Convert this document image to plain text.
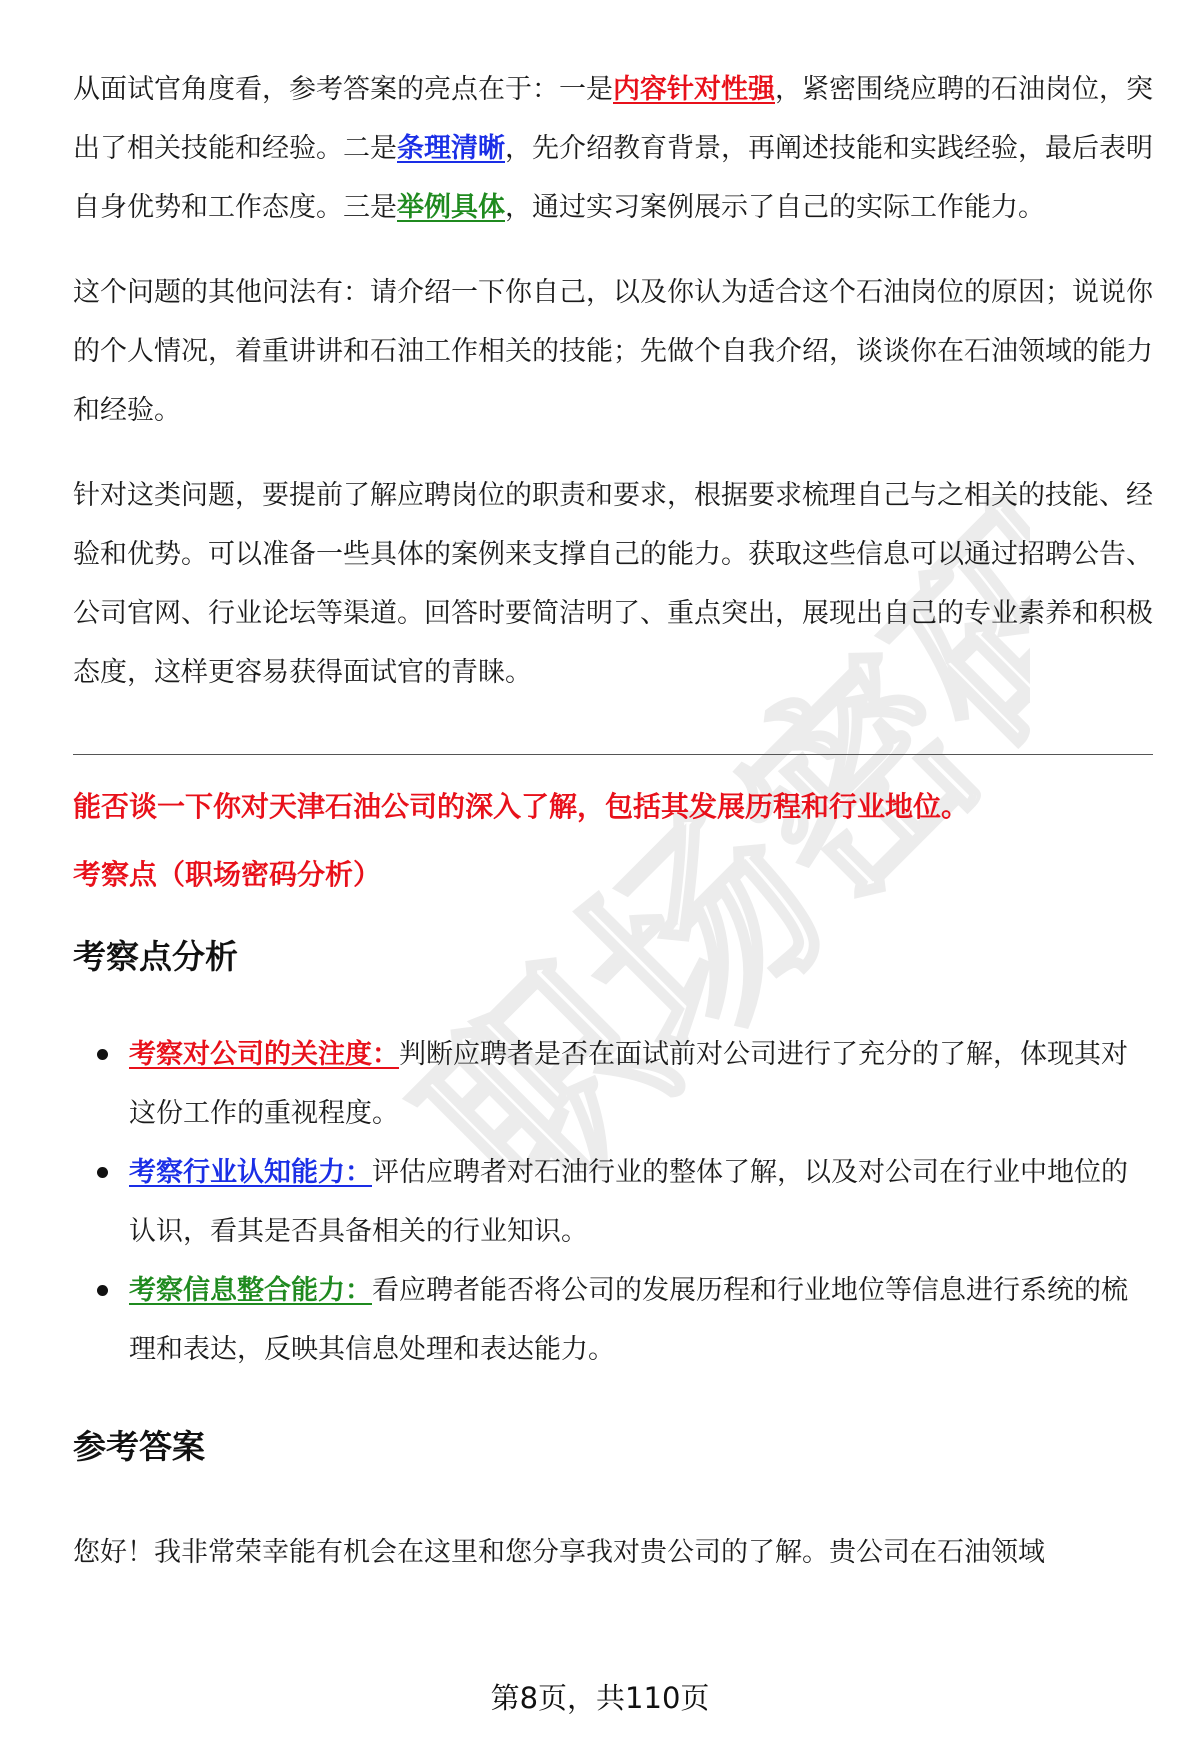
职场密码

从面试官角度看，参考答案的亮点在于：一是内容针对性强，紧密围绕应聘的石油岗位，突出了相关技能和经验。二是条理清晰，先介绍教育背景，再阐述技能和实践经验，最后表明自身优势和工作态度。三是举例具体，通过实习案例展示了自己的实际工作能力。

这个问题的其他问法有：请介绍一下你自己，以及你认为适合这个石油岗位的原因；说说你的个人情况，着重讲讲和石油工作相关的技能；先做个自我介绍，谈谈你在石油领域的能力和经验。

针对这类问题，要提前了解应聘岗位的职责和要求，根据要求梳理自己与之相关的技能、经验和优势。可以准备一些具体的案例来支撑自己的能力。获取这些信息可以通过招聘公告、公司官网、行业论坛等渠道。回答时要简洁明了、重点突出，展现出自己的专业素养和积极态度，这样更容易获得面试官的青睐。

能否谈一下你对天津石油公司的深入了解，包括其发展历程和行业地位。

考察点（职场密码分析）

考察点分析
考察对公司的关注度：判断应聘者是否在面试前对公司进行了充分的了解，体现其对这份工作的重视程度。
考察行业认知能力：评估应聘者对石油行业的整体了解，以及对公司在行业中地位的认识，看其是否具备相关的行业知识。
考察信息整合能力：看应聘者能否将公司的发展历程和行业地位等信息进行系统的梳理和表达，反映其信息处理和表达能力。
参考答案

您好！我非常荣幸能有机会在这里和您分享我对贵公司的了解。贵公司在石油领域

第8页，共110页
